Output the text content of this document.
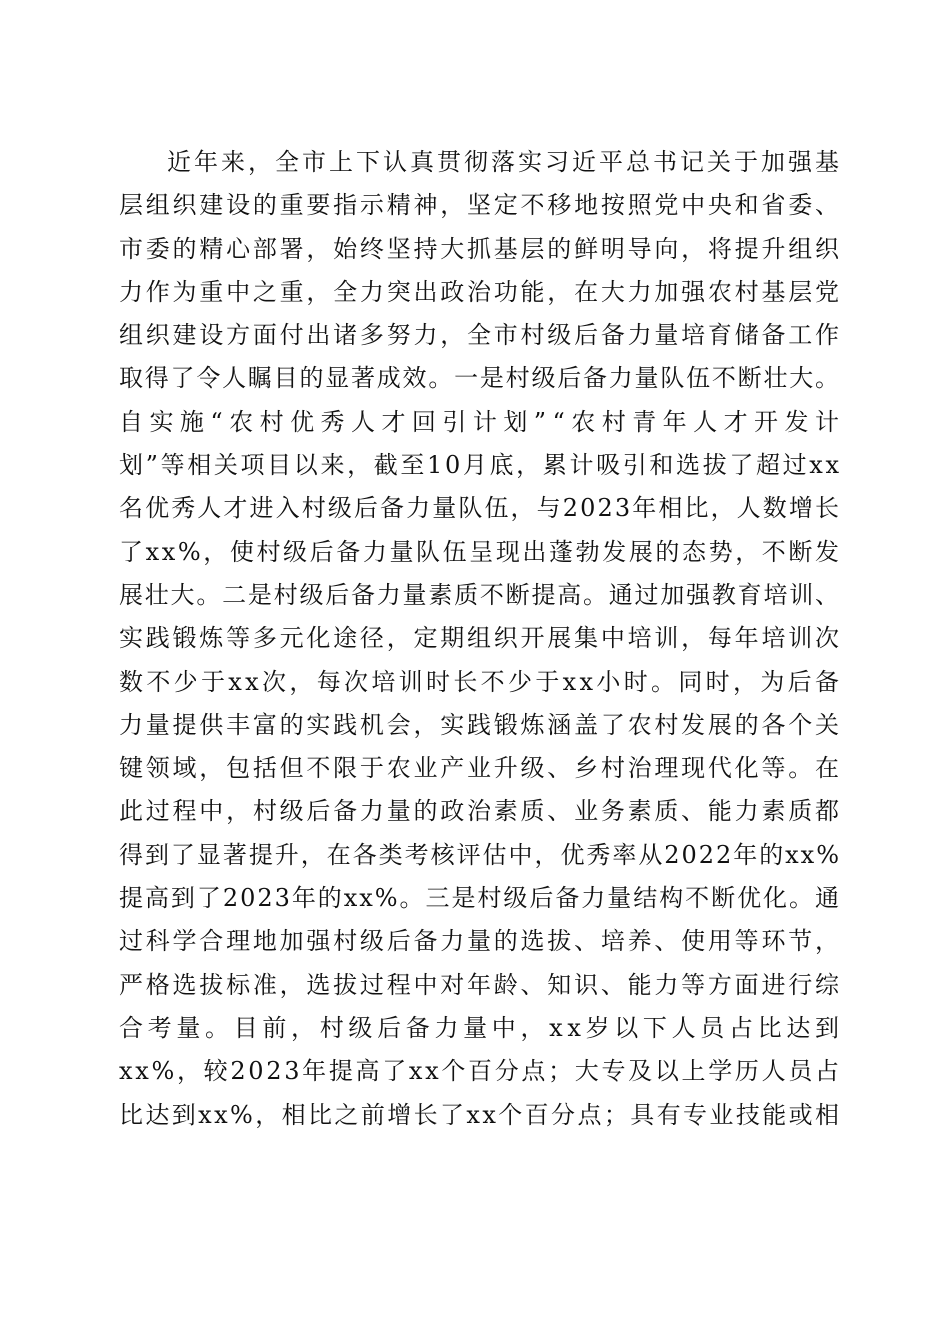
近年来，全市上下认真贯彻落实习近平总书记关于加强基
层组织建设的重要指示精神，坚定不移地按照党中央和省委、
市委的精心部署，始终坚持大抓基层的鲜明导向，将提升组织
力作为重中之重，全力突出政治功能，在大力加强农村基层党
组织建设方面付出诸多努力，全市村级后备力量培育储备工作
取得了令人瞩目的显著成效。一是村级后备力量队伍不断壮大。
自实施“农村优秀人才回引计划”“农村青年人才开发计
划”等相关项目以来，截至10月底，累计吸引和选拔了超过xx
名优秀人才进入村级后备力量队伍，与2023年相比，人数增长
了xx%，使村级后备力量队伍呈现出蓬勃发展的态势，不断发
展壮大。二是村级后备力量素质不断提高。通过加强教育培训、
实践锻炼等多元化途径，定期组织开展集中培训，每年培训次
数不少于xx次，每次培训时长不少于xx小时。同时，为后备
力量提供丰富的实践机会，实践锻炼涵盖了农村发展的各个关
键领域，包括但不限于农业产业升级、乡村治理现代化等。在
此过程中，村级后备力量的政治素质、业务素质、能力素质都
得到了显著提升，在各类考核评估中，优秀率从2022年的xx%
提高到了2023年的xx%。三是村级后备力量结构不断优化。通
过科学合理地加强村级后备力量的选拔、培养、使用等环节，
严格选拔标准，选拔过程中对年龄、知识、能力等方面进行综
合考量。目前，村级后备力量中，xx岁以下人员占比达到
xx%，较2023年提高了xx个百分点；大专及以上学历人员占
比达到xx%，相比之前增长了xx个百分点；具有专业技能或相
